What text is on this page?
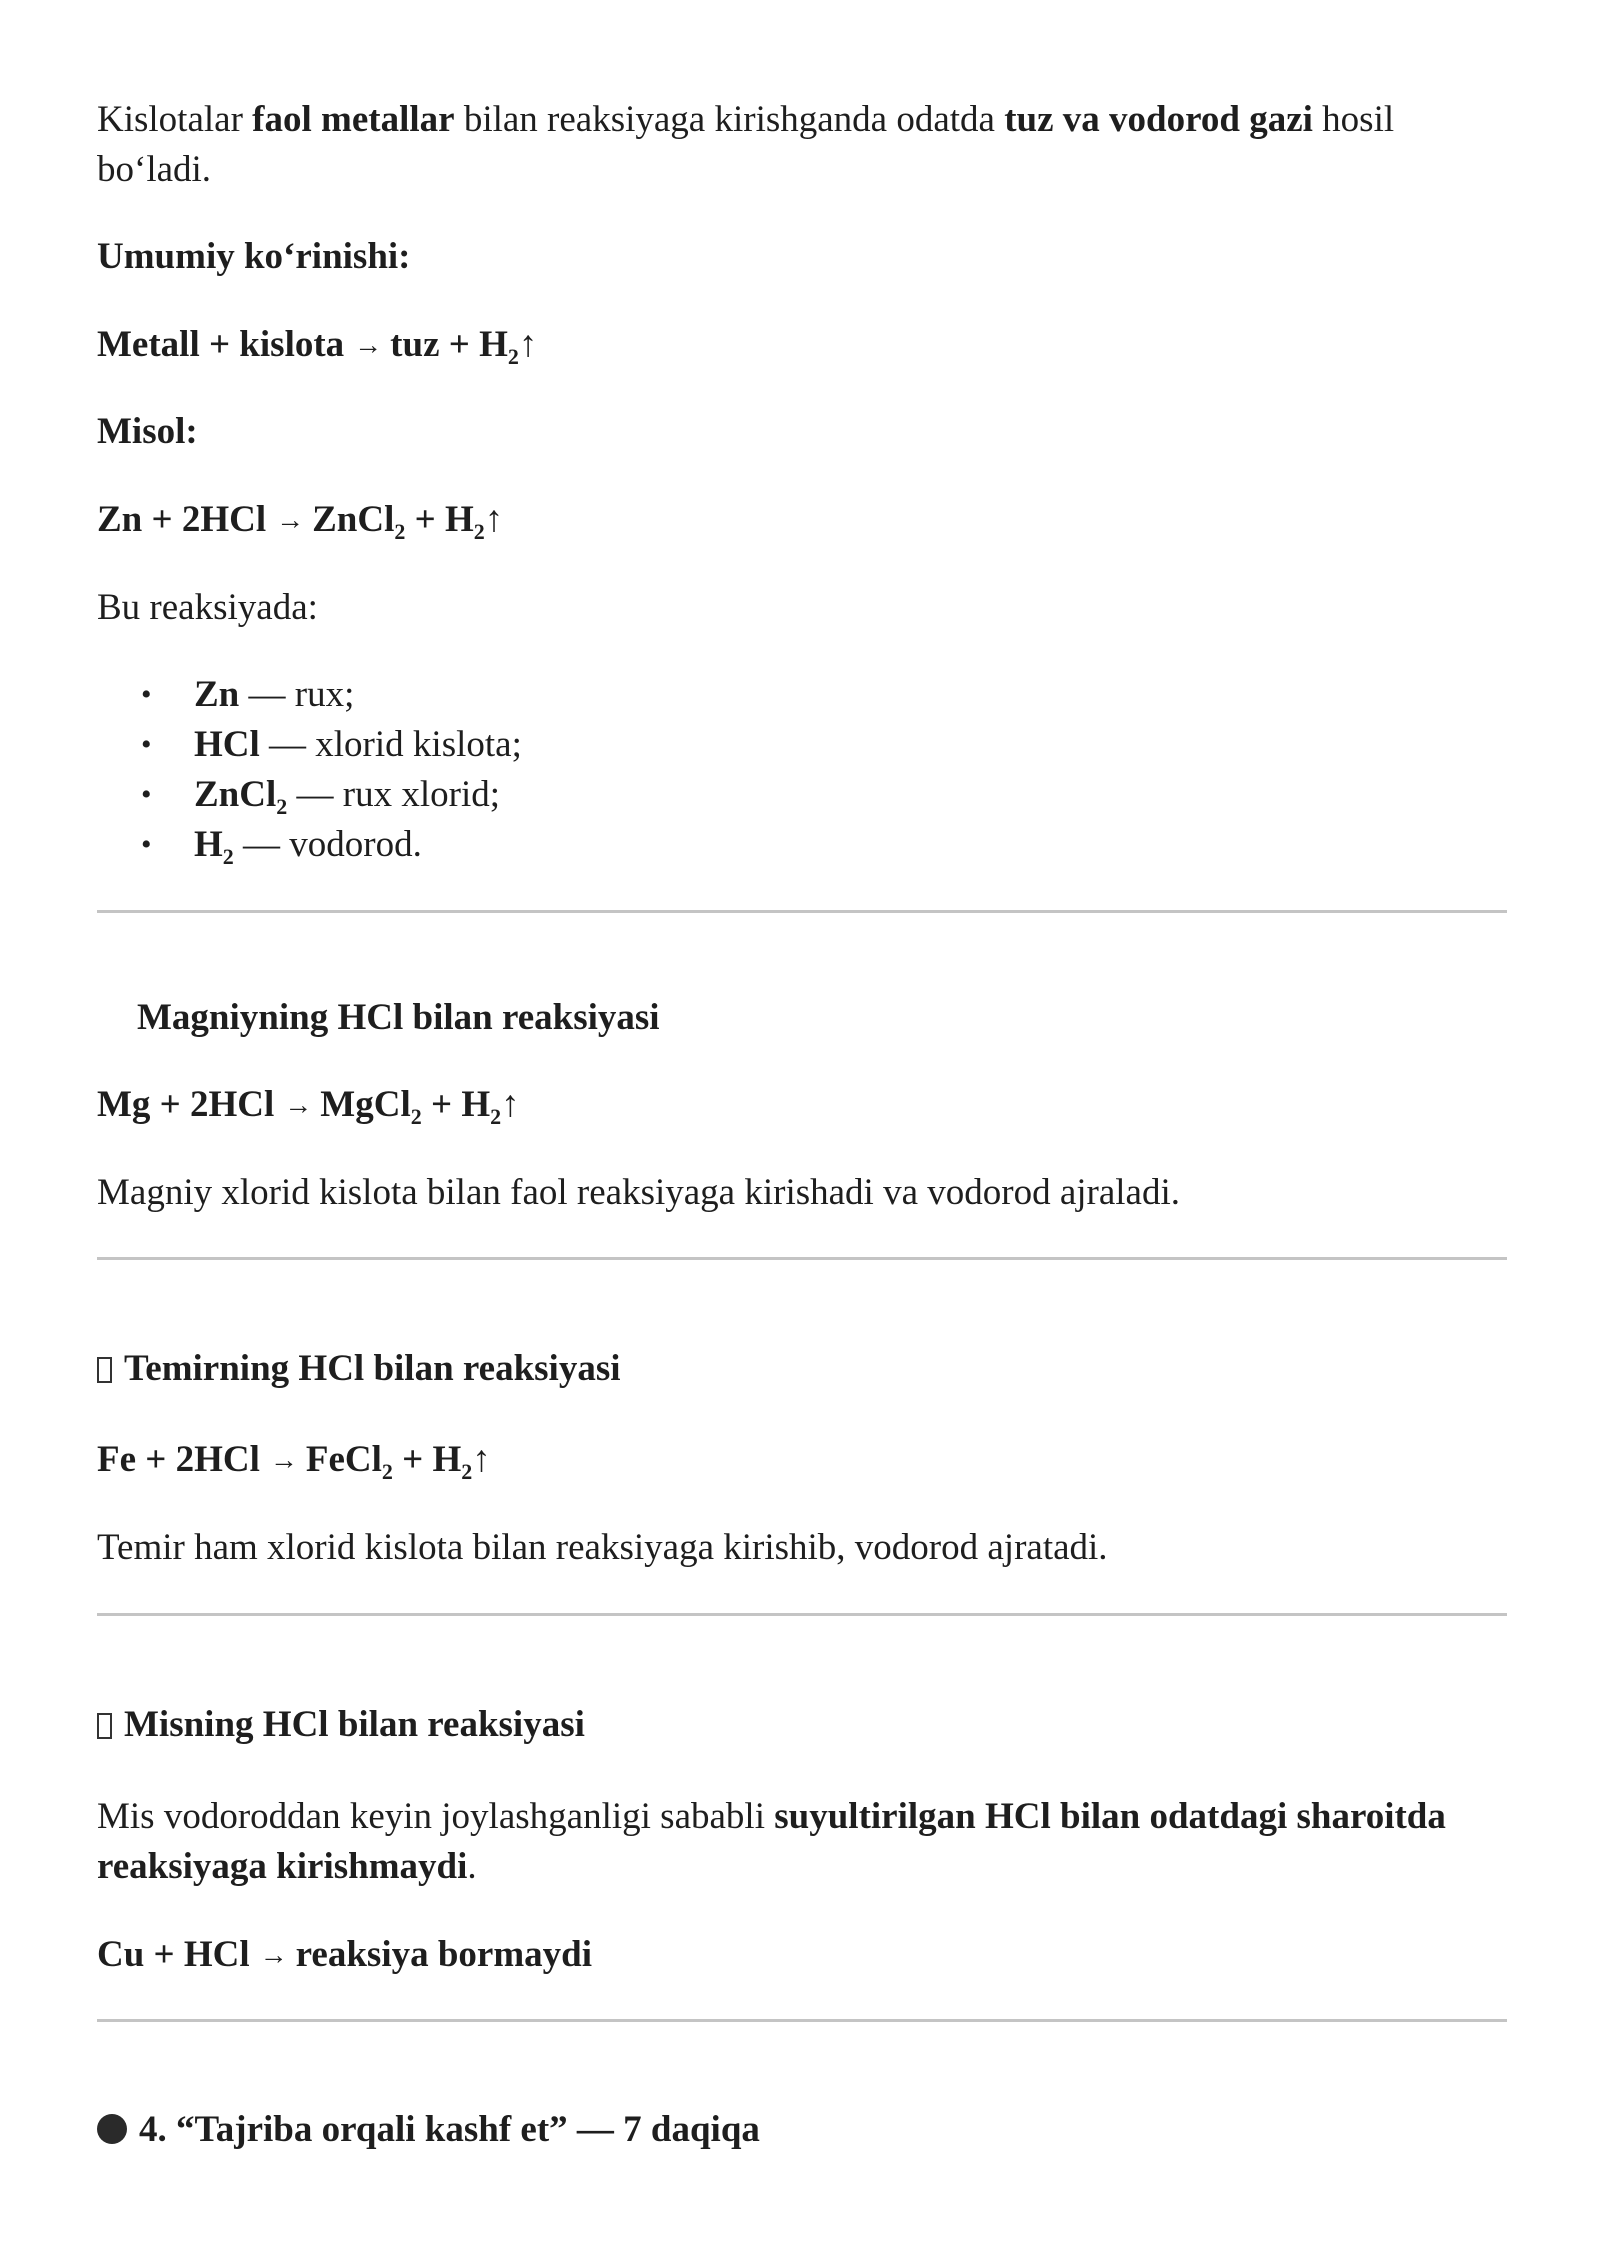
Kislotalar faol metallar bilan reaksiyaga kirishganda odatda tuz va vodorod gazi hosil
bo‘ladi.

Umumiy ko‘rinishi:

Metall + kislota → tuz + $H_2↑$

Misol:

Zn + 2HCl → ZnCl$_2$ + $H_2↑$

Bu reaksiyada:

• Zn — rux;
• HCl — xlorid kislota;
• ZnCl$_2$ — rux xlorid;
• $H_2$ — vodorod.

Magniyning HCl bilan reaksiyasi

Mg + 2HCl → MgCl$_2$ + $H_2↑$

Magniy xlorid kislota bilan faol reaksiyaga kirishadi va vodorod ajraladi.

Temirning HCl bilan reaksiyasi

Fe + 2HCl → FeCl$_2$ + $H_2↑$

Temir ham xlorid kislota bilan reaksiyaga kirishib, vodorod ajratadi.

Misning HCl bilan reaksiyasi

Mis vodoroddan keyin joylashganligi sababli suyultirilgan HCl bilan odatdagi sharoitda
reaksiyaga kirishmaydi.

Cu + HCl → reaksiya bormaydi

4. “Tajriba orqali kashf et” — 7 daqiqa
